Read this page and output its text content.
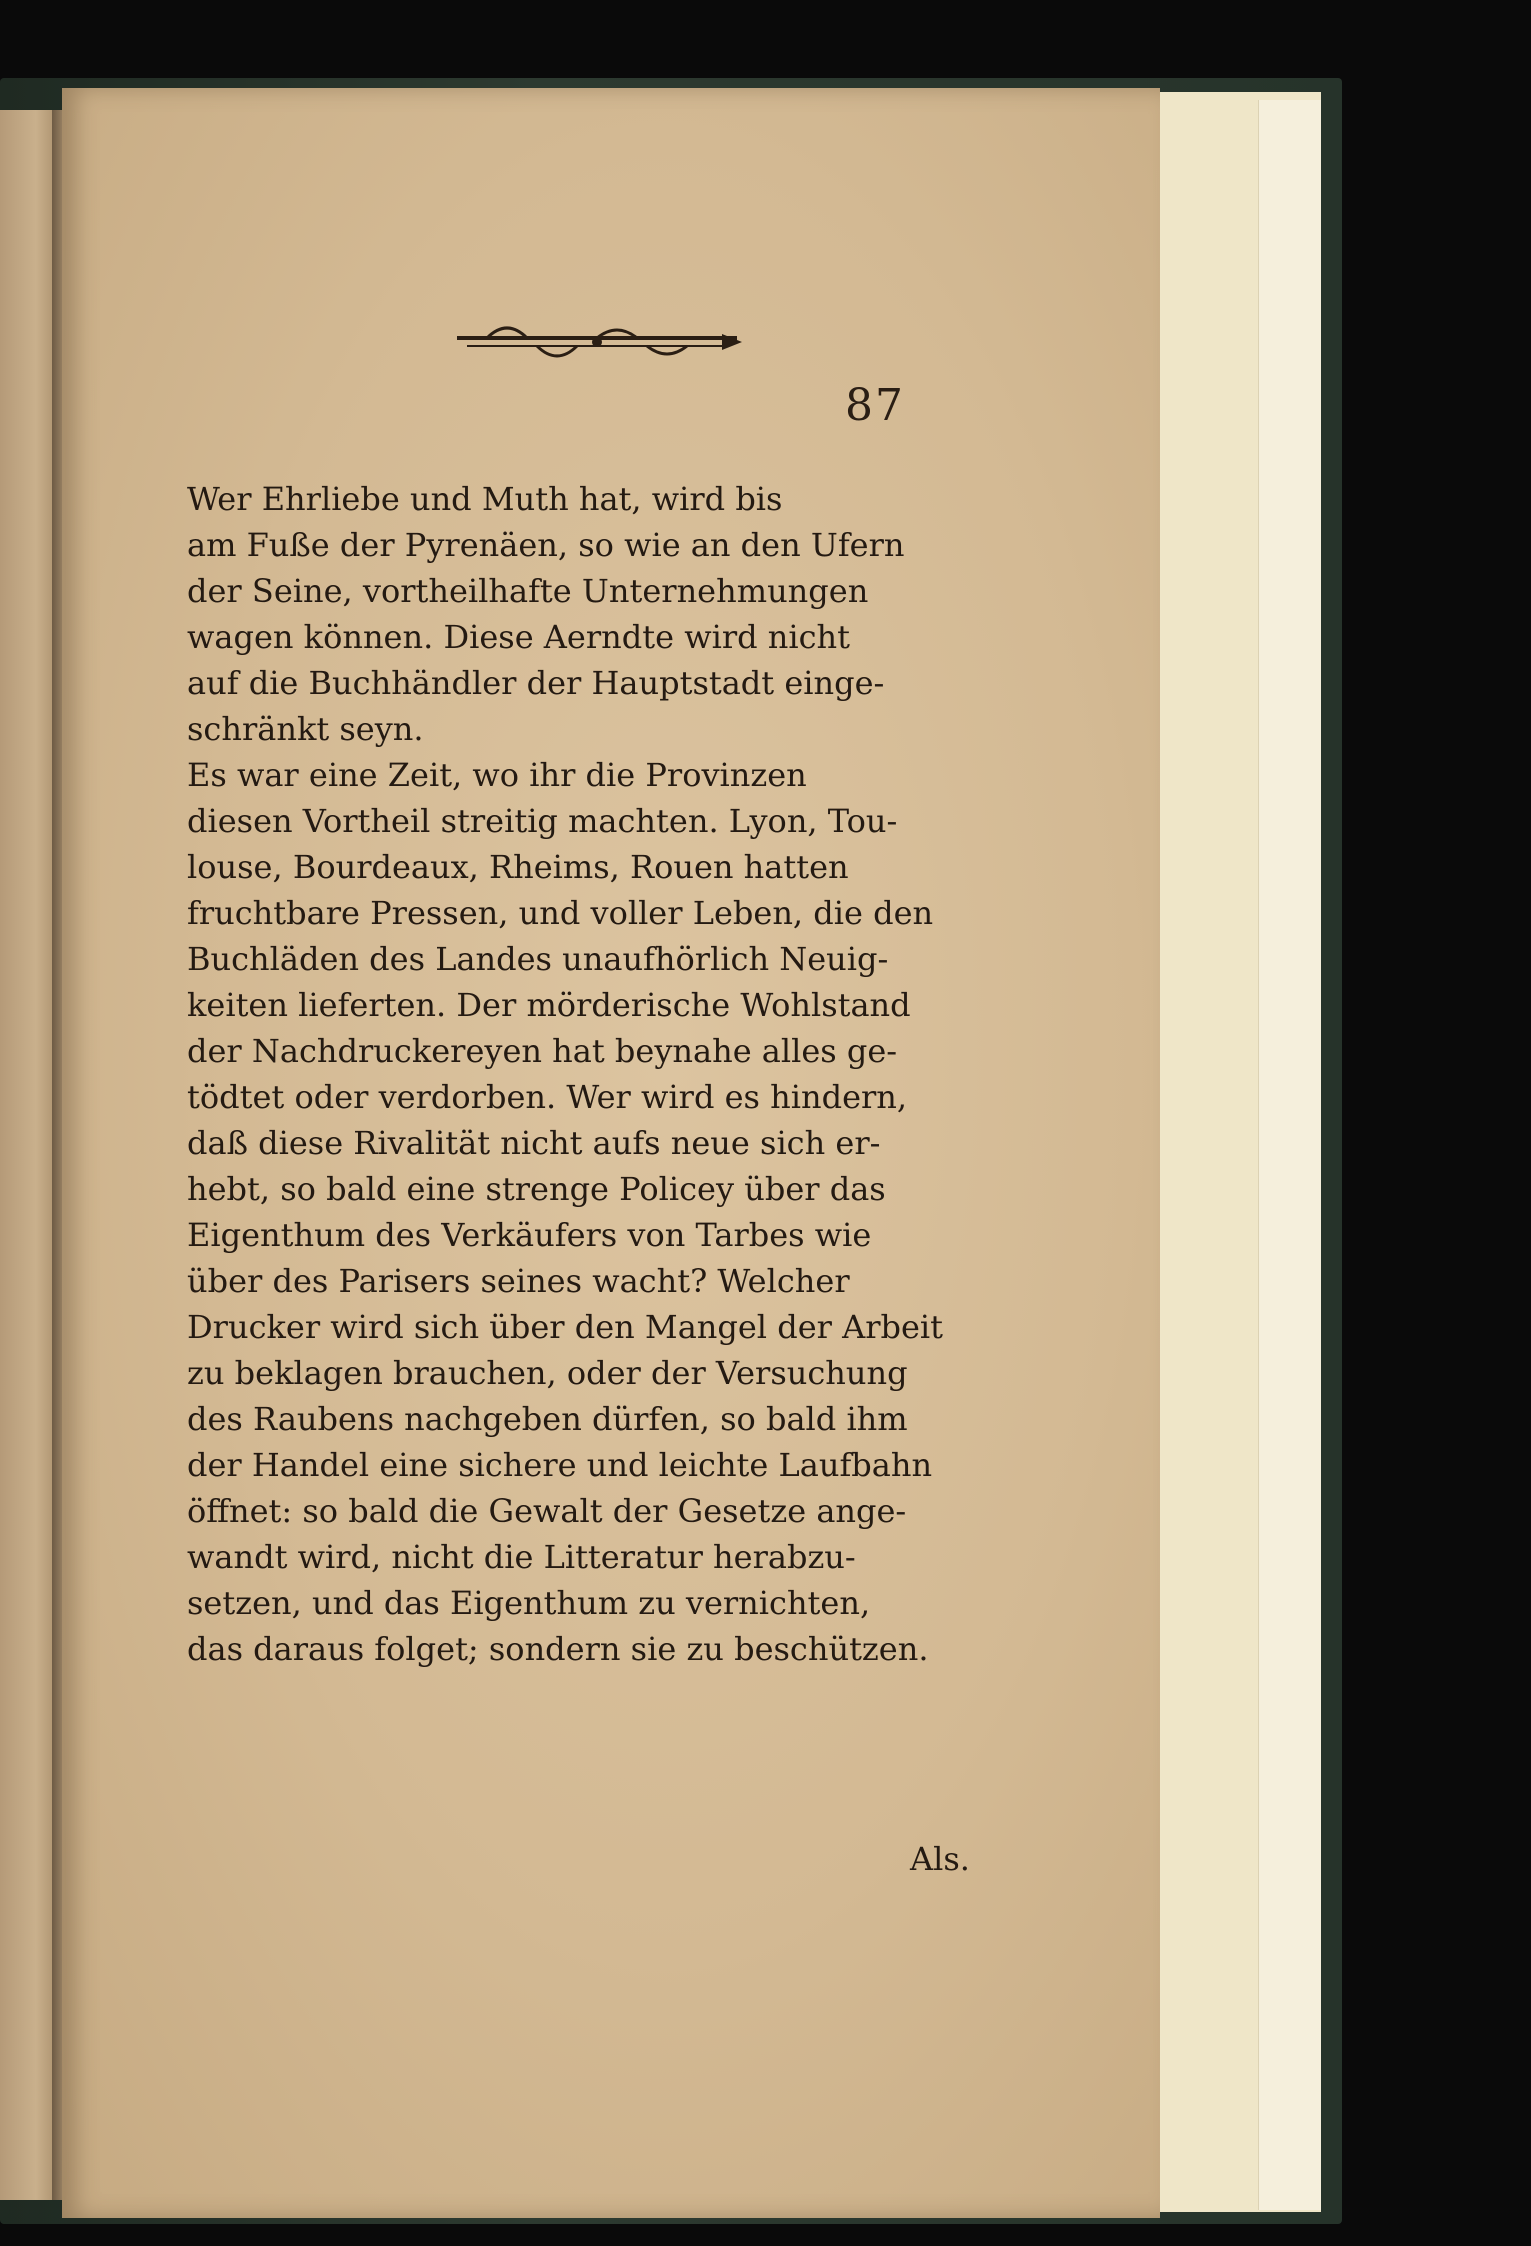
87
Wer Ehrliebe und Muth hat, wird bis
am Fuße der Pyrenäen, so wie an den Ufern
der Seine, vortheilhafte Unternehmungen
wagen können. Diese Aerndte wird nicht
auf die Buchhändler der Hauptstadt einge-
schränkt seyn.
Es war eine Zeit, wo ihr die Provinzen
diesen Vortheil streitig machten. Lyon, Tou-
louse, Bourdeaux, Rheims, Rouen hatten
fruchtbare Pressen, und voller Leben, die den
Buchläden des Landes unaufhörlich Neuig-
keiten lieferten. Der mörderische Wohlstand
der Nachdruckereyen hat beynahe alles ge-
tödtet oder verdorben. Wer wird es hindern,
daß diese Rivalität nicht aufs neue sich er-
hebt, so bald eine strenge Policey über das
Eigenthum des Verkäufers von Tarbes wie
über des Parisers seines wacht? Welcher
Drucker wird sich über den Mangel der Arbeit
zu beklagen brauchen, oder der Versuchung
des Raubens nachgeben dürfen, so bald ihm
der Handel eine sichere und leichte Laufbahn
öffnet: so bald die Gewalt der Gesetze ange-
wandt wird, nicht die Litteratur herabzu-
setzen, und das Eigenthum zu vernichten,
das daraus folget; sondern sie zu beschützen.
Als.
